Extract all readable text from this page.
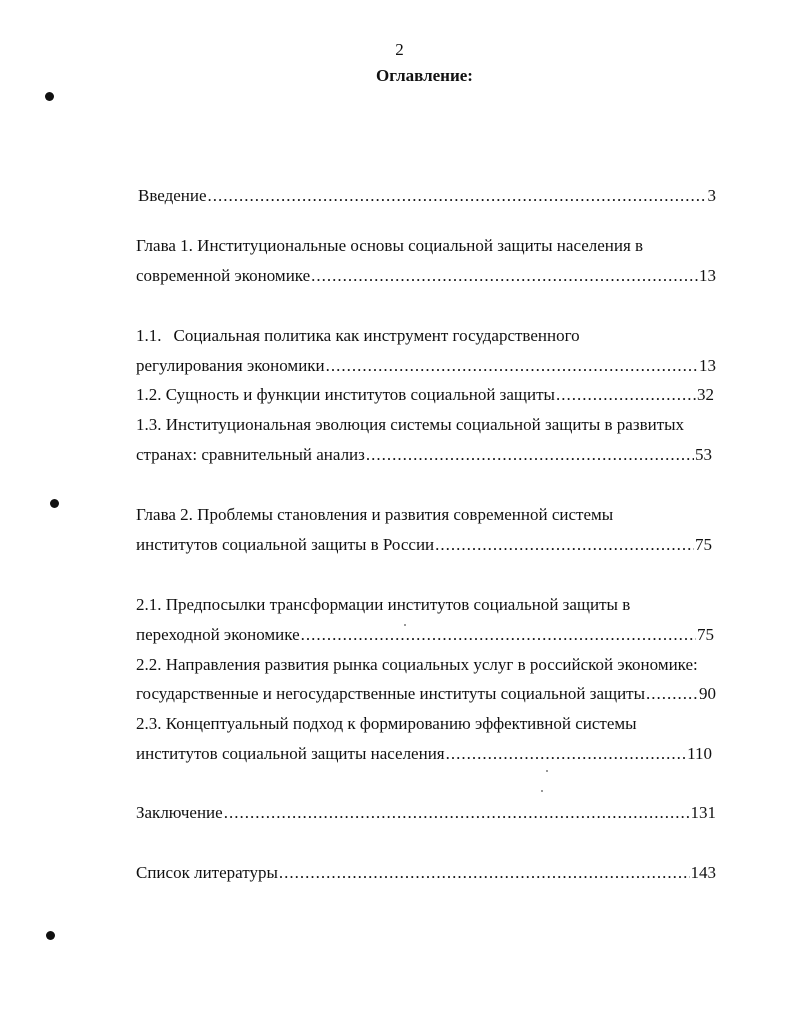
2
Оглавление:
Введение .....	3
Глава 1. Институциональные основы социальной защиты населения в
современной экономике .....	13
1.1. Социальная политика как инструмент государственного
регулирования экономики .....	13
1.2. Сущность и функции институтов социальной защиты .....	32
1.3. Институциональная эволюция системы социальной защиты в развитых
странах: сравнительный анализ .....	53
Глава 2. Проблемы становления и развития современной системы
институтов социальной защиты в России .....	75
2.1. Предпосылки трансформации институтов социальной защиты в
переходной экономике .....	75
2.2. Направления развития рынка социальных услуг в российской экономике:
государственные и негосударственные институты социальной защиты .....	90
2.3. Концептуальный подход к формированию эффективной системы
институтов социальной защиты населения .....	110
Заключение .....	131
Список литературы .....	143
